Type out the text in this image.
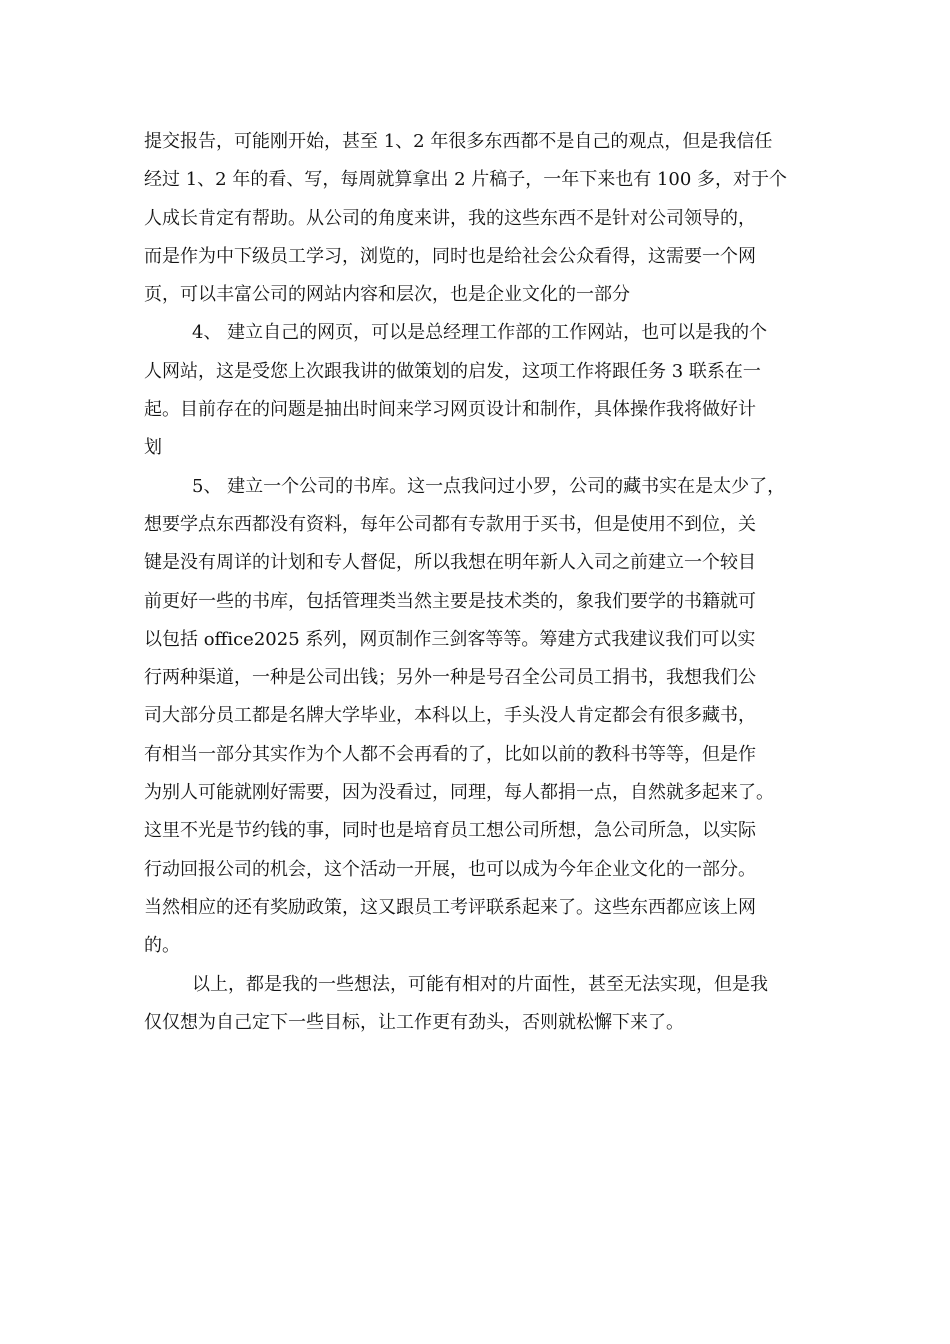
提交报告，可能刚开始，甚至 1、2 年很多东西都不是自己的观点，但是我信任
经过 1、2 年的看、写，每周就算拿出 2 片稿子，一年下来也有 100 多，对于个
人成长肯定有帮助。从公司的角度来讲，我的这些东西不是针对公司领导的，
而是作为中下级员工学习，浏览的，同时也是给社会公众看得，这需要一个网
页，可以丰富公司的网站内容和层次，也是企业文化的一部分
4、 建立自己的网页，可以是总经理工作部的工作网站，也可以是我的个
人网站，这是受您上次跟我讲的做策划的启发，这项工作将跟任务 3 联系在一
起。目前存在的问题是抽出时间来学习网页设计和制作，具体操作我将做好计
划
5、 建立一个公司的书库。这一点我问过小罗，公司的藏书实在是太少了，
想要学点东西都没有资料，每年公司都有专款用于买书，但是使用不到位，关
键是没有周详的计划和专人督促，所以我想在明年新人入司之前建立一个较目
前更好一些的书库，包括管理类当然主要是技术类的，象我们要学的书籍就可
以包括 office2025 系列，网页制作三剑客等等。筹建方式我建议我们可以实
行两种渠道，一种是公司出钱；另外一种是号召全公司员工捐书，我想我们公
司大部分员工都是名牌大学毕业，本科以上，手头没人肯定都会有很多藏书，
有相当一部分其实作为个人都不会再看的了，比如以前的教科书等等，但是作
为别人可能就刚好需要，因为没看过，同理，每人都捐一点，自然就多起来了。
这里不光是节约钱的事，同时也是培育员工想公司所想，急公司所急，以实际
行动回报公司的机会，这个活动一开展，也可以成为今年企业文化的一部分。
当然相应的还有奖励政策，这又跟员工考评联系起来了。这些东西都应该上网
的。
以上，都是我的一些想法，可能有相对的片面性，甚至无法实现，但是我
仅仅想为自己定下一些目标，让工作更有劲头，否则就松懈下来了。
